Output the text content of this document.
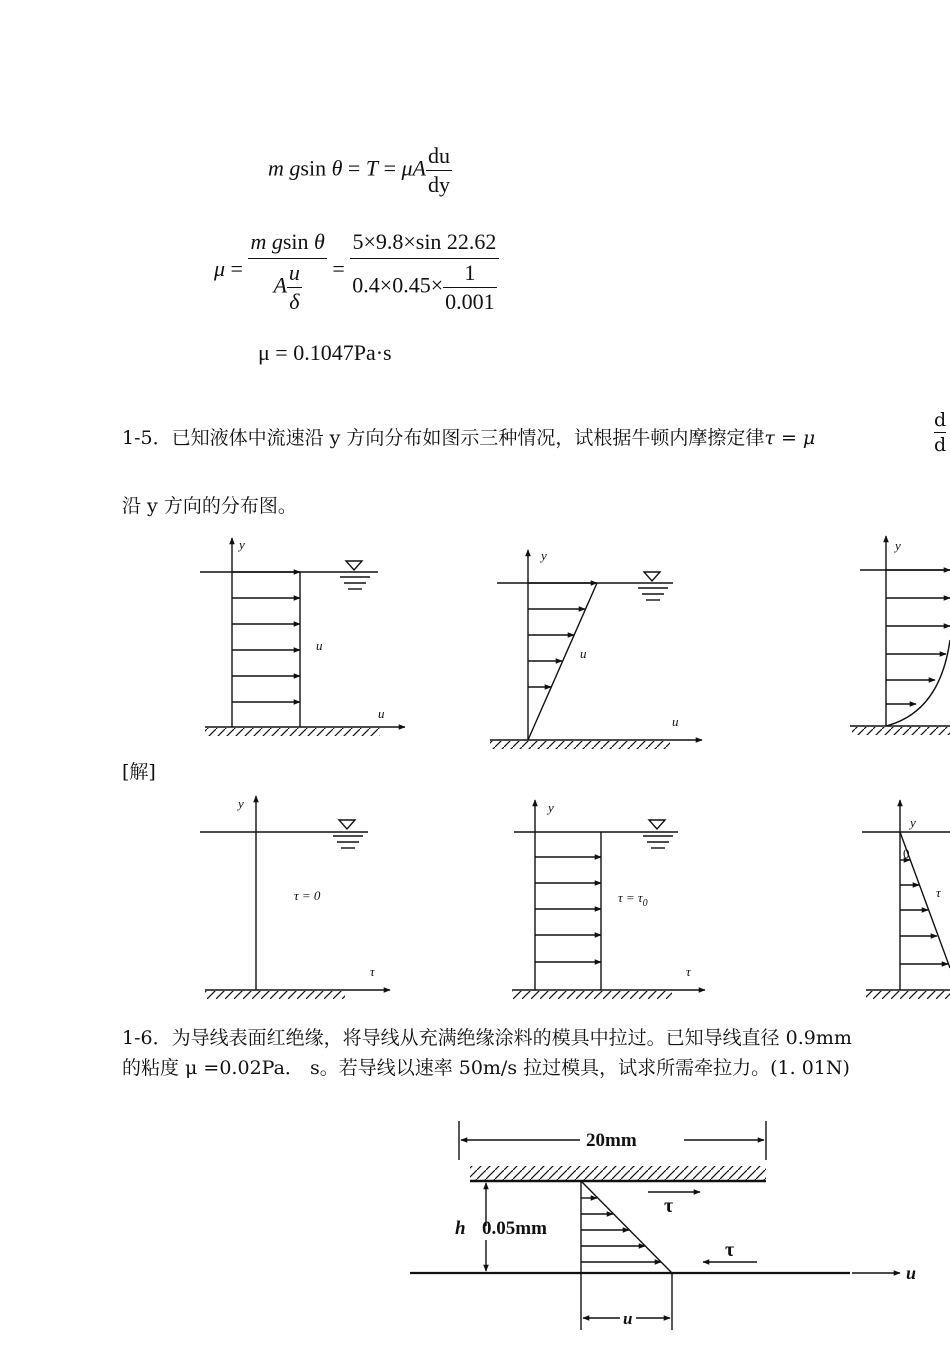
m gsin θ = T = μA $\frac{du}{dy}$
$\mu = \frac{\text{m gsin θ}}{A \frac{u}{\delta}} = \frac{5\times 9.8\times\sin 22.62}{0.4\times 0.45\times \frac{1}{0.001}}$
μ = 0.1047Pa·s
1-5．已知液体中流速沿 y 方向分布如图示三种情况，试根据牛顿内摩擦定律τ = μ
d
d
沿 y 方向的分布图。
[解]
y
u
u
y
u
u
y
y
τ = 0
τ
y
$\tau = \tau_0$
τ
y
0
τ
20mm
h 0.05mm
τ
τ
u
u
1-6．为导线表面红绝缘，将导线从充满绝缘涂料的模具中拉过。已知导线直径 0.9mm
的粘度 μ =0.02Pa． s。若导线以速率 50m/s 拉过模具，试求所需牵拉力。(1. 01N)
